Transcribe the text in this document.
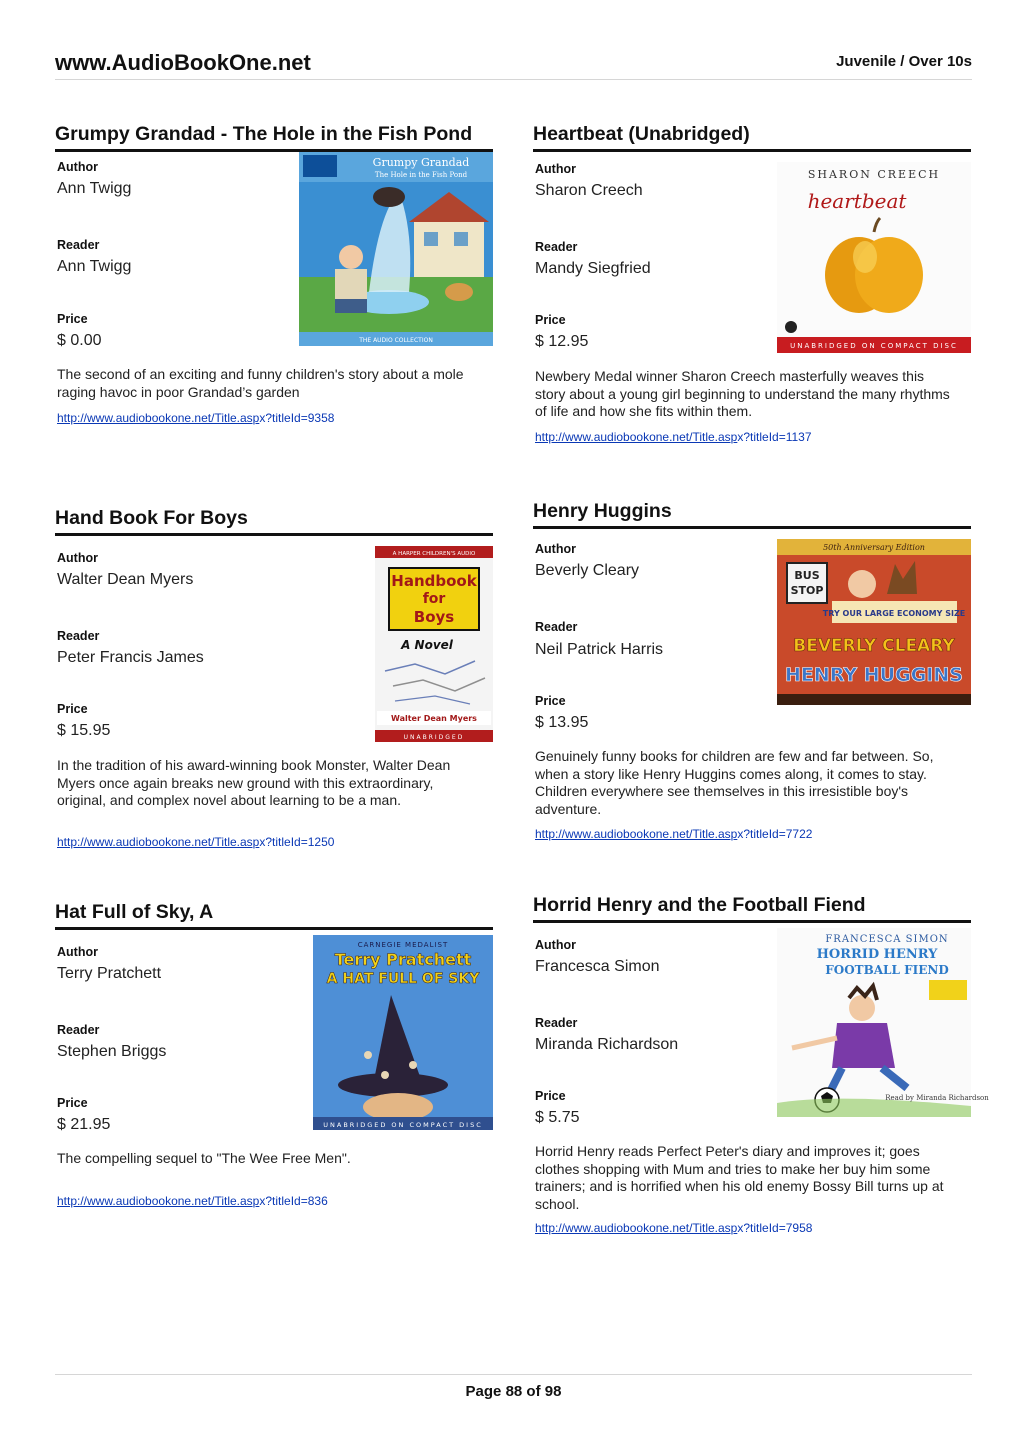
www.AudioBookOne.net	Juvenile / Over 10s
Grumpy Grandad - The Hole in the Fish Pond
Author
Ann Twigg
Reader
Ann Twigg
Price
$ 0.00
The second of an exciting and funny children's story about a mole raging havoc in poor Grandad’s garden
http://www.audiobookone.net/Title.aspx?titleId=9358
Grumpy Grandad
The Hole in the Fish Pond
THE AUDIO COLLECTION
Heartbeat (Unabridged)
Author
Sharon Creech
Reader
Mandy Siegfried
Price
$ 12.95
Newbery Medal winner Sharon Creech masterfully weaves this story about a young girl beginning to understand the many rhythms of life and how she fits within them.
http://www.audiobookone.net/Title.aspx?titleId=1137
SHARON CREECH
heartbeat
UNABRIDGED ON COMPACT DISC
Hand Book For Boys
Author
Walter Dean Myers
Reader
Peter Francis James
Price
$ 15.95
In the tradition of his award-winning book Monster, Walter Dean Myers once again breaks new ground with this extraordinary, original, and complex novel about learning to be a man.
http://www.audiobookone.net/Title.aspx?titleId=1250
A HARPER CHILDREN'S AUDIO
Handbook
for
Boys
A Novel
Walter Dean Myers
UNABRIDGED
Henry Huggins
Author
Beverly Cleary
Reader
Neil Patrick Harris
Price
$ 13.95
Genuinely funny books for children are few and far between. So, when a story like Henry Huggins comes along, it comes to stay. Children everywhere see themselves in this irresistible boy's adventure.
http://www.audiobookone.net/Title.aspx?titleId=7722
50th Anniversary Edition
BUS
STOP
TRY OUR LARGE ECONOMY SIZE
BEVERLY CLEARY
HENRY HUGGINS
Hat Full of Sky, A
Author
Terry Pratchett
Reader
Stephen Briggs
Price
$ 21.95
The compelling sequel to "The Wee Free Men".
http://www.audiobookone.net/Title.aspx?titleId=836
CARNEGIE MEDALIST
Terry Pratchett
A HAT FULL OF SKY
UNABRIDGED ON COMPACT DISC
Horrid Henry and the Football Fiend
Author
Francesca Simon
Reader
Miranda Richardson
Price
$ 5.75
Horrid Henry reads Perfect Peter's diary and improves it; goes clothes shopping with Mum and tries to make her buy him some trainers; and is horrified when his old enemy Bossy Bill turns up at school.
http://www.audiobookone.net/Title.aspx?titleId=7958
FRANCESCA SIMON
HORRID HENRY
FOOTBALL FIEND
Read by Miranda Richardson
Page 88 of 98
